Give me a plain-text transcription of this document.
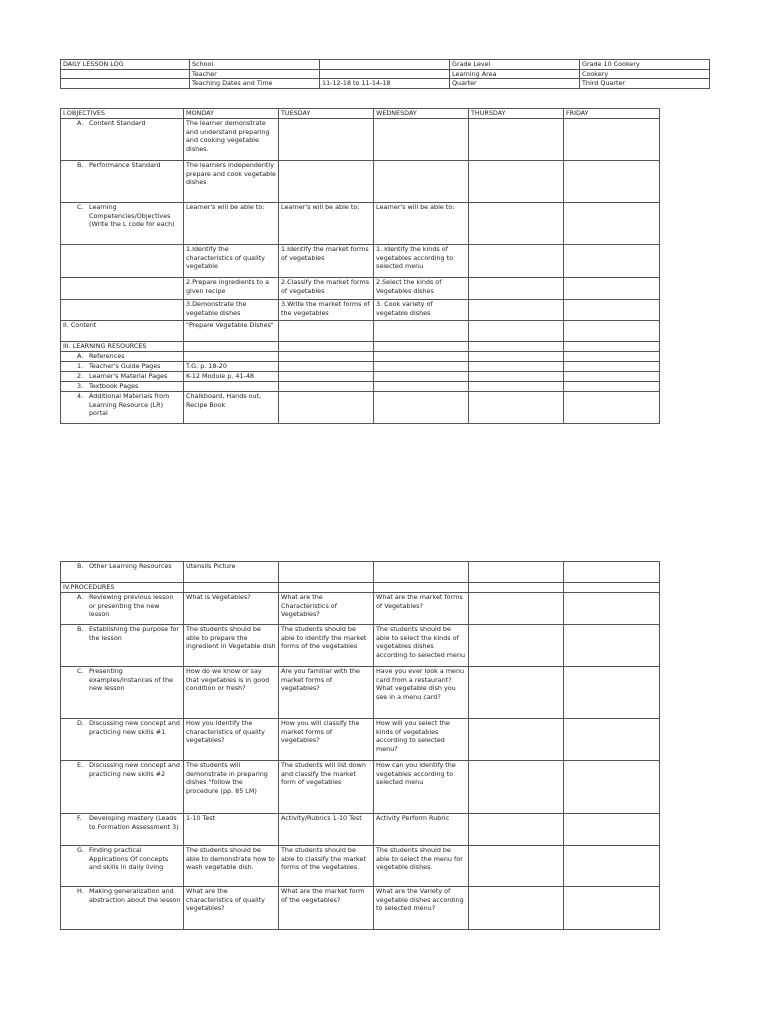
DAILY LESSON LOG	School		Grade Level	Grade 10 Cookery
	Teacher		Learning Area	Cookery
	Teaching Dates and Time	11-12-18 to 11-14-18	Quarter	Third Quarter
I.OBJECTIVES	MONDAY	TUESDAY	WEDNESDAY	THURSDAY	FRIDAY

A. Content Standard	The learner demonstrate and understand preparing and cooking vegetable dishes.				

B. Performance Standard	The learners independently prepare and cook vegetable dishes				

C. Learning Competencies/Objectives (Write the L code for each)	Learner's will be able to:	Learner's will be able to:	Learner's will be able to:		
	1.Identify the characteristics of quality vegetable	1.Identify the market forms of vegetables	1. Identify the kinds of vegetables according to selected menu		
	2.Prepare ingredients to a given recipe	2.Classify the market forms of vegetables	2.Select the kinds of Vegetables dishes		
	3.Demonstrate the vegetable dishes	3.Write the market forms of the vegetables	3. Cook variety of vegetable dishes		
II. Content	"Prepare Vegetable Dishes"				
III. LEARNING RESOURCES					

A. References					

1. Teacher's Guide Pages	T.G. p. 18-20				

2. Learner's Material Pages	K-12 Module p. 41-48				

3. Textbook Pages					

4. Additional Materials from Learning Resource (LR) portal	Chalkboard, Hands out, Recipe Book				
B. Other Learning Resources	Utensils Picture				
IV.PROCEDURES					

A. Reviewing previous lesson or presenting the new lesson	What is Vegetables?	What are the Characteristics of Vegetables?	What are the market forms of Vegetables?		

B. Establishing the purpose for the lesson	The students should be able to prepare the ingredient in Vegetable dish	The students should be able to identify the market forms of the vegetables	The students should be able to select the kinds of vegetables dishes according to selected menu		

C. Presenting examples/instances of the new lesson	How do we know or say that vegetables is in good condition or fresh?	Are you familiar with the market forms of vegetables?	Have you ever look a menu card from a restaurant? What vegetable dish you see in a menu card?		

D. Discussing new concept and practicing new skills #1	How you identify the characteristics of quality vegetables?	How you will classify the market forms of vegetables?	How will you select the kinds of vegetables according to selected menu?		

E. Discussing new concept and practicing new skills #2	The students will demonstrate in preparing dishes "follow the procedure (pp. 85 LM)	The students will list down and classify the market form of vegetables	How can you identify the vegetables according to selected menu		

F. Developing mastery (Leads to Formation Assessment 3)	1-10 Test	Activity/Rubrics 1-10 Test	Activity Perform Rubric		

G. Finding practical Applications Of concepts and skills in daily living	The students should be able to demonstrate how to wash vegetable dish.	The students should be able to classify the market forms of the vegetables.	The students should be able to select the menu for vegetable dishes.		

H. Making generalization and abstraction about the lesson	What are the characteristics of quality vegetables?	What are the market form of the vegetables?	What are the Variety of vegetable dishes according to selected menu?		
